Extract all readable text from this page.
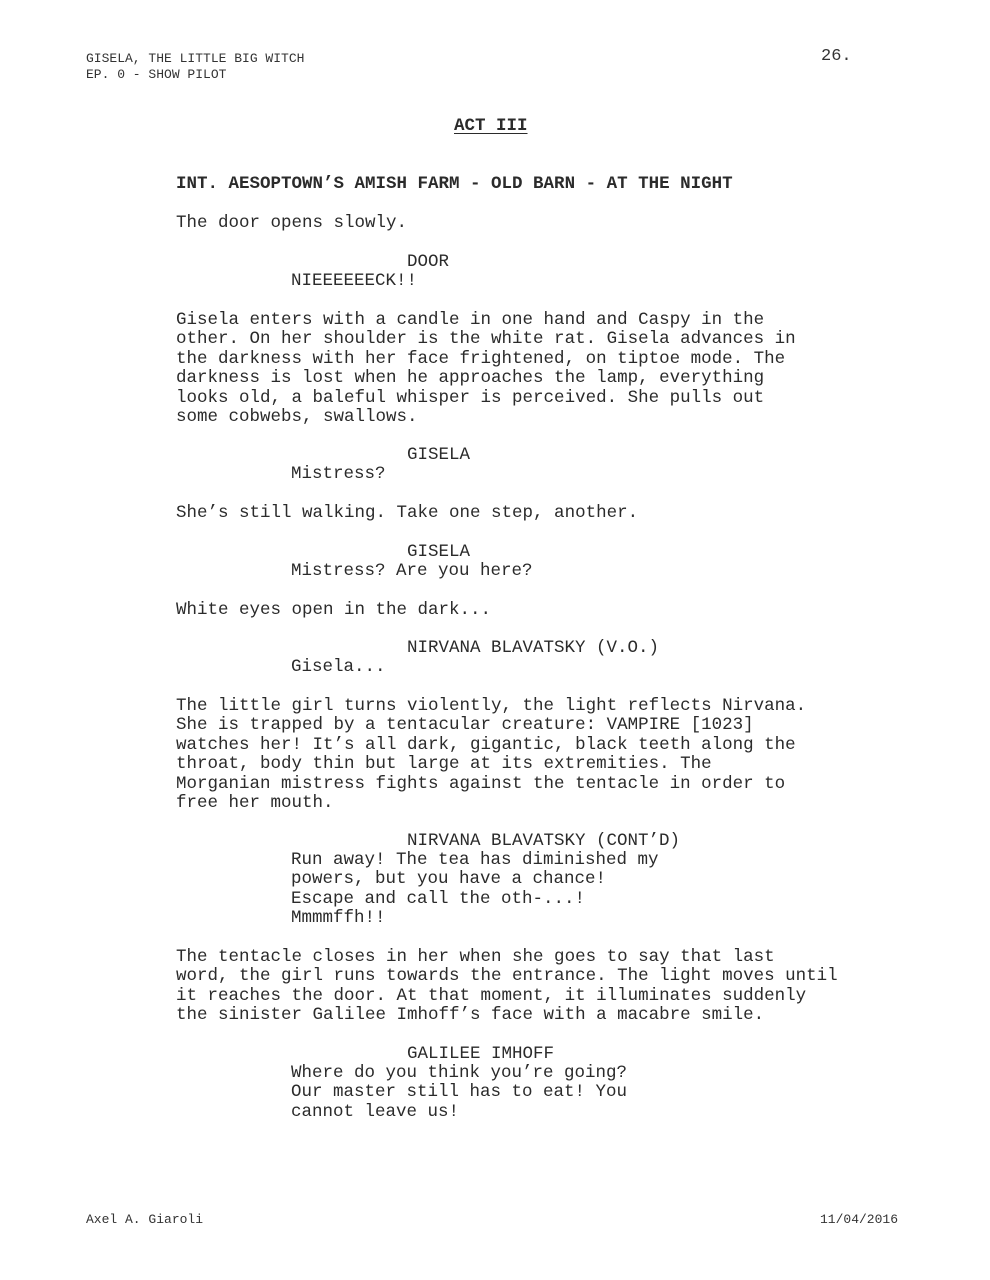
GISELA, THE LITTLE BIG WITCH
EP. 0 - SHOW PILOT
26.
ACT III
INT. AESOPTOWN’S AMISH FARM - OLD BARN - AT THE NIGHT
The door opens slowly.
DOOR
NIEEEEEECK!!
Gisela enters with a candle in one hand and Caspy in the
other. On her shoulder is the white rat. Gisela advances in
the darkness with her face frightened, on tiptoe mode. The
darkness is lost when he approaches the lamp, everything
looks old, a baleful whisper is perceived. She pulls out
some cobwebs, swallows.
GISELA
Mistress?
She’s still walking. Take one step, another.
GISELA
Mistress? Are you here?
White eyes open in the dark...
NIRVANA BLAVATSKY (V.O.)
Gisela...
The little girl turns violently, the light reflects Nirvana.
She is trapped by a tentacular creature: VAMPIRE [1023]
watches her! It’s all dark, gigantic, black teeth along the
throat, body thin but large at its extremities. The
Morganian mistress fights against the tentacle in order to
free her mouth.
NIRVANA BLAVATSKY (CONT’D)
Run away! The tea has diminished my
powers, but you have a chance!
Escape and call the oth-...!
Mmmmffh!!
The tentacle closes in her when she goes to say that last
word, the girl runs towards the entrance. The light moves until
it reaches the door. At that moment, it illuminates suddenly
the sinister Galilee Imhoff’s face with a macabre smile.
GALILEE IMHOFF
Where do you think you’re going?
Our master still has to eat! You
cannot leave us!
Axel A. Giaroli	11/04/2016
